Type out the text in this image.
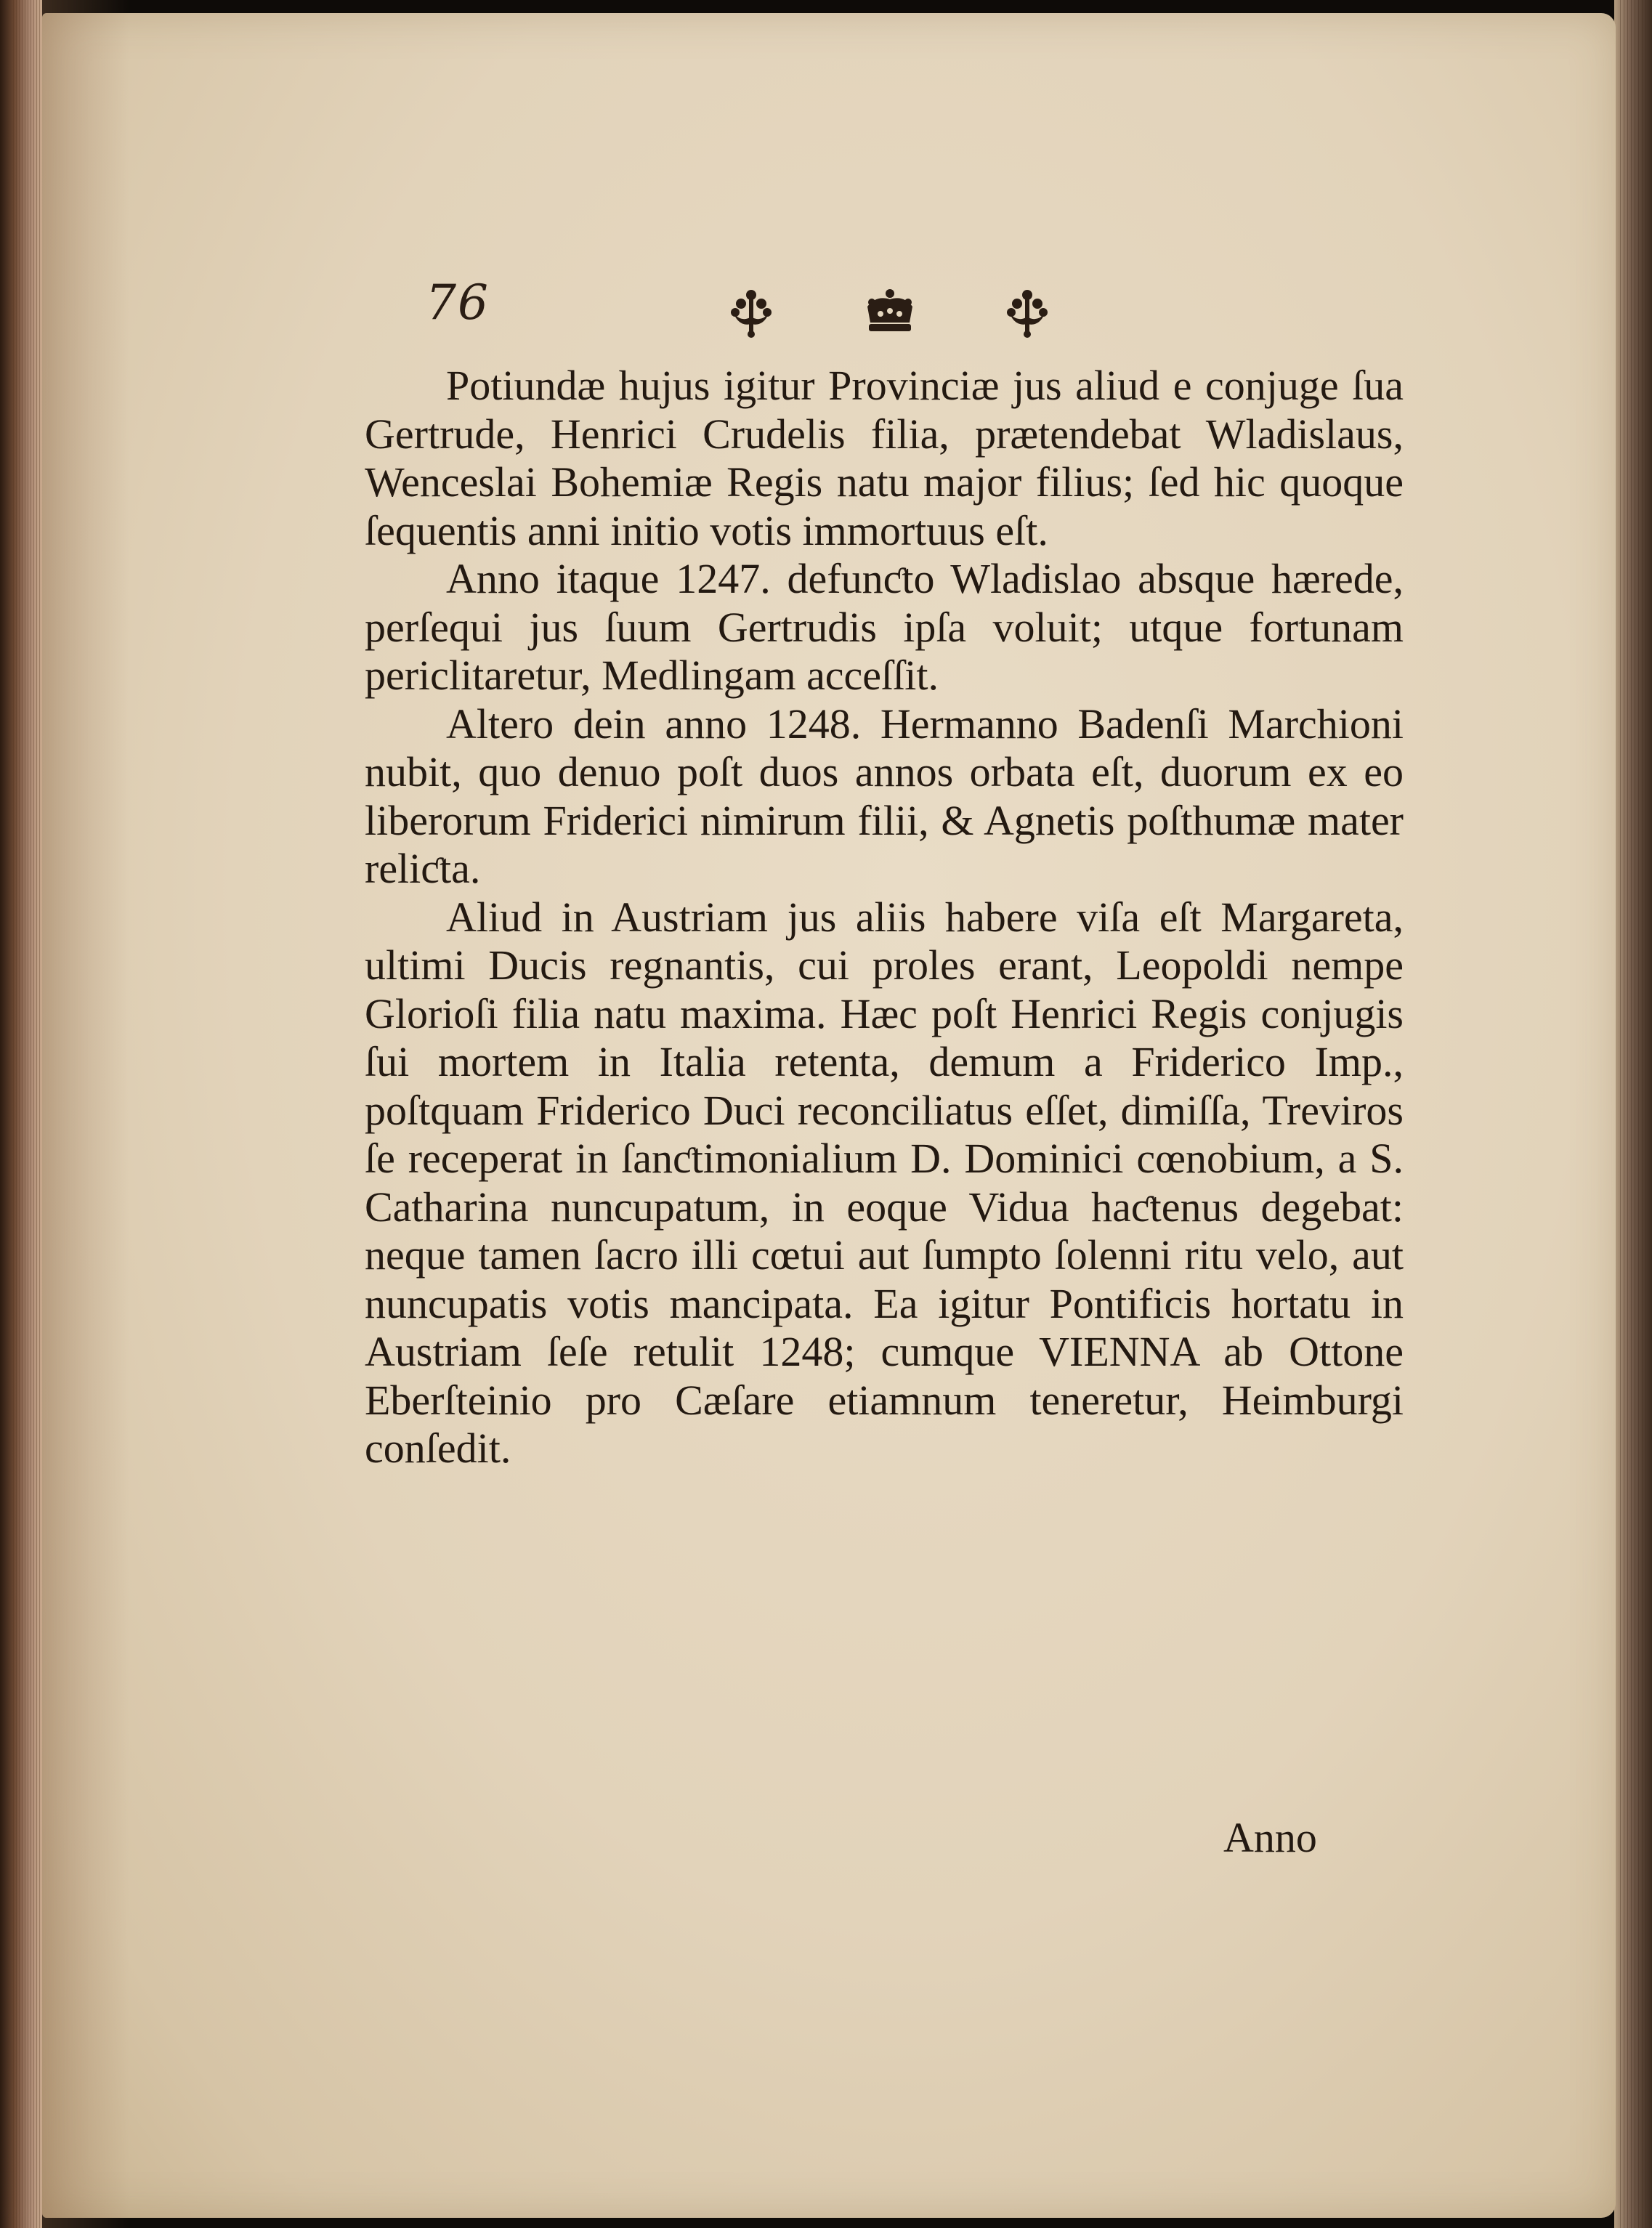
76

Potiundæ hujus igitur Provinciæ jus aliud e conjuge ſua Gertrude, Henrici Crudelis filia, prætendebat Wladislaus, Wenceslai Bohemiæ Regis natu major filius; ſed hic quoque ſequentis anni initio votis immortuus eſt.

Anno itaque 1247. defunƈto Wladislao absque hærede, perſequi jus ſuum Gertrudis ipſa voluit; utque fortunam periclitaretur, Medlingam acceſſit.

Altero dein anno 1248. Hermanno Badenſi Marchioni nubit, quo denuo poſt duos annos orbata eſt, duorum ex eo liberorum Friderici nimirum filii, & Agnetis poſthumæ mater reliƈta.

Aliud in Austriam jus aliis habere viſa eſt Margareta, ultimi Ducis regnantis, cui proles erant, Leopoldi nempe Glorioſi filia natu maxima. Hæc poſt Henrici Regis conjugis ſui mortem in Italia retenta, demum a Friderico Imp., poſtquam Friderico Duci reconciliatus eſſet, dimiſſa, Treviros ſe receperat in ſanƈtimonialium D. Dominici cœnobium, a S. Catharina nuncupatum, in eoque Vidua haƈtenus degebat: neque tamen ſacro illi cœtui aut ſumpto ſolenni ritu velo, aut nuncupatis votis mancipata. Ea igitur Pontificis hortatu in Austriam ſeſe retulit 1248; cumque VIENNA ab Ottone Eberſteinio pro Cæſare etiamnum teneretur, Heimburgi conſedit.

Anno
